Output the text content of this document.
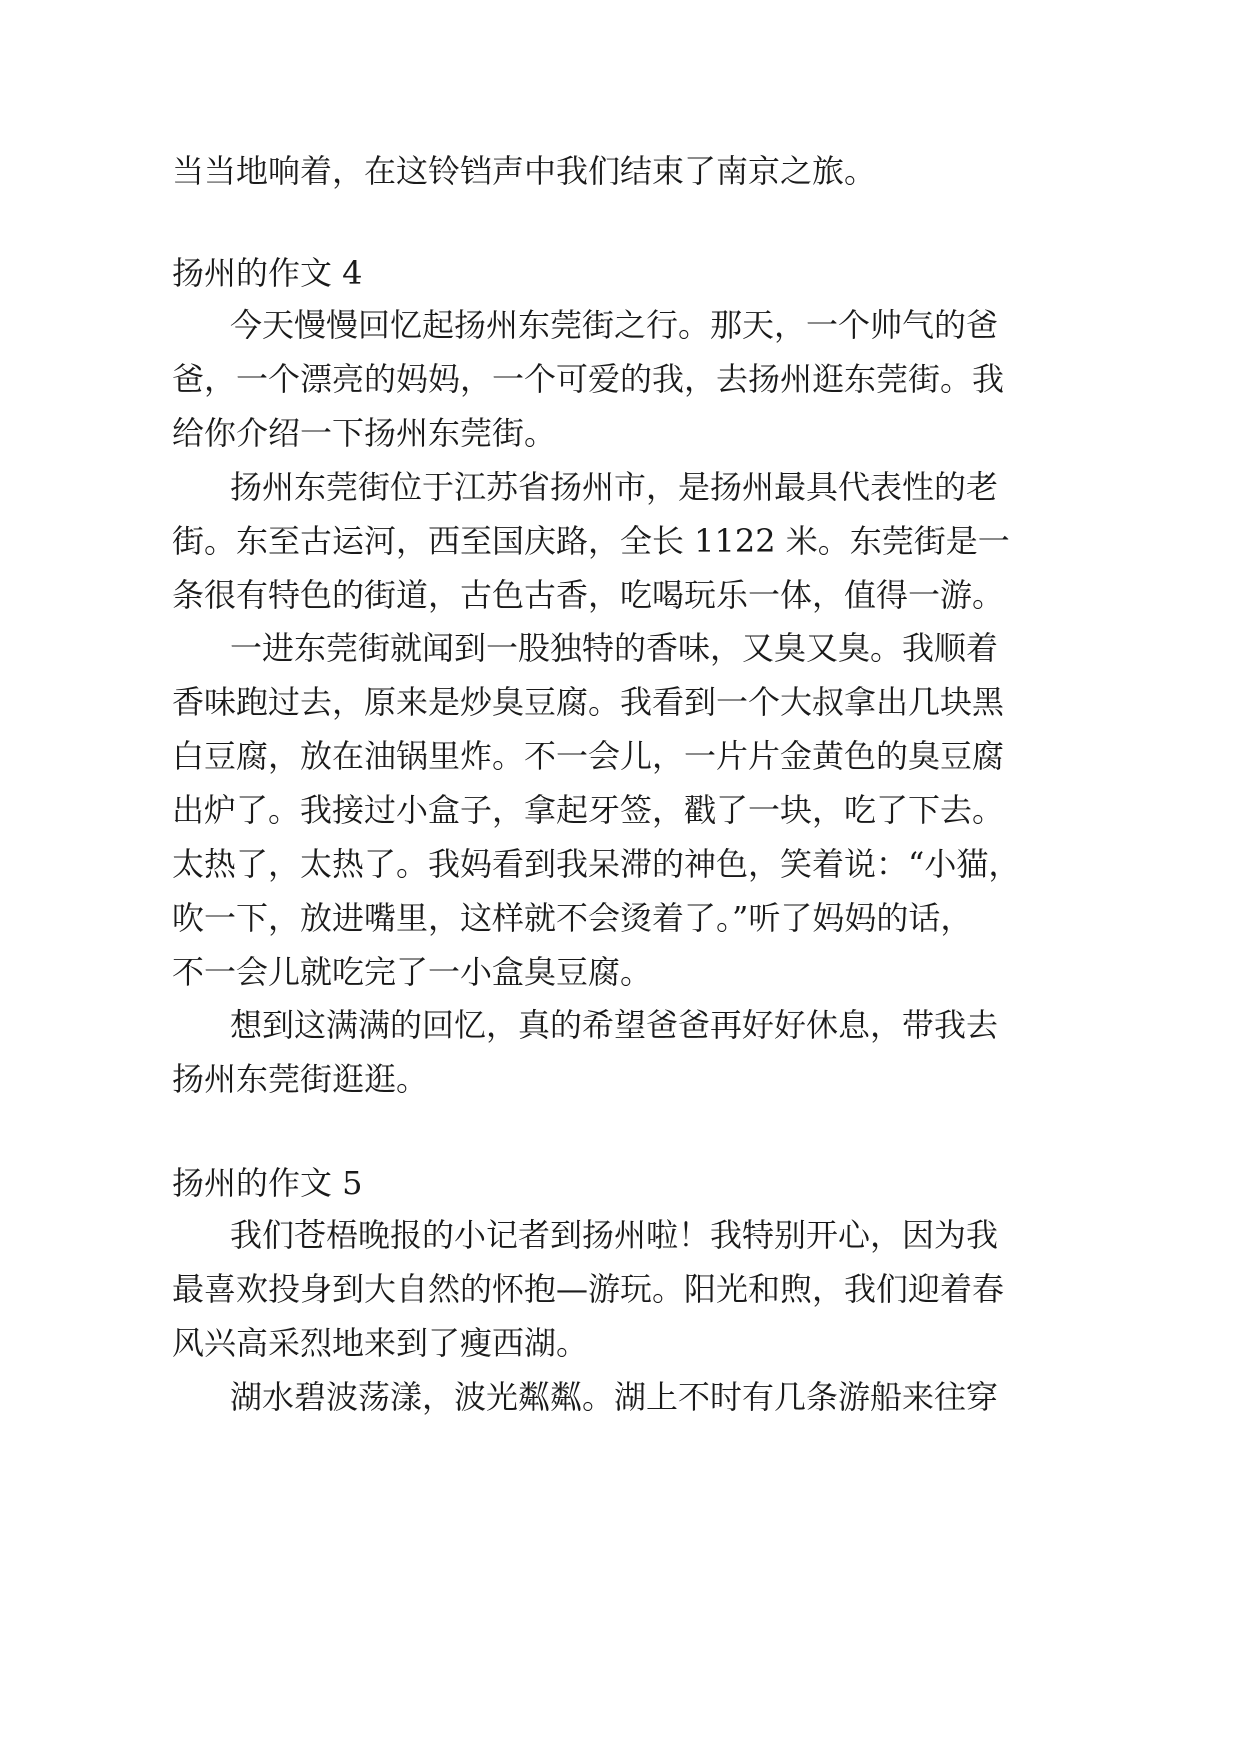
当当地响着，在这铃铛声中我们结束了南京之旅。

扬州的作文 4

今天慢慢回忆起扬州东莞街之行。那天，一个帅气的爸

爸，一个漂亮的妈妈，一个可爱的我，去扬州逛东莞街。我

给你介绍一下扬州东莞街。

扬州东莞街位于江苏省扬州市，是扬州最具代表性的老

街。东至古运河，西至国庆路，全长 1122 米。东莞街是一

条很有特色的街道，古色古香，吃喝玩乐一体，值得一游。

一进东莞街就闻到一股独特的香味，又臭又臭。我顺着

香味跑过去，原来是炒臭豆腐。我看到一个大叔拿出几块黑

白豆腐，放在油锅里炸。不一会儿，一片片金黄色的臭豆腐

出炉了。我接过小盒子，拿起牙签，戳了一块，吃了下去。

太热了，太热了。我妈看到我呆滞的神色，笑着说：“小猫，

吹一下，放进嘴里，这样就不会烫着了。”听了妈妈的话，

不一会儿就吃完了一小盒臭豆腐。

想到这满满的回忆，真的希望爸爸再好好休息，带我去

扬州东莞街逛逛。

扬州的作文 5

我们苍梧晚报的小记者到扬州啦！我特别开心，因为我

最喜欢投身到大自然的怀抱—游玩。阳光和煦，我们迎着春

风兴高采烈地来到了瘦西湖。

湖水碧波荡漾，波光粼粼。湖上不时有几条游船来往穿
